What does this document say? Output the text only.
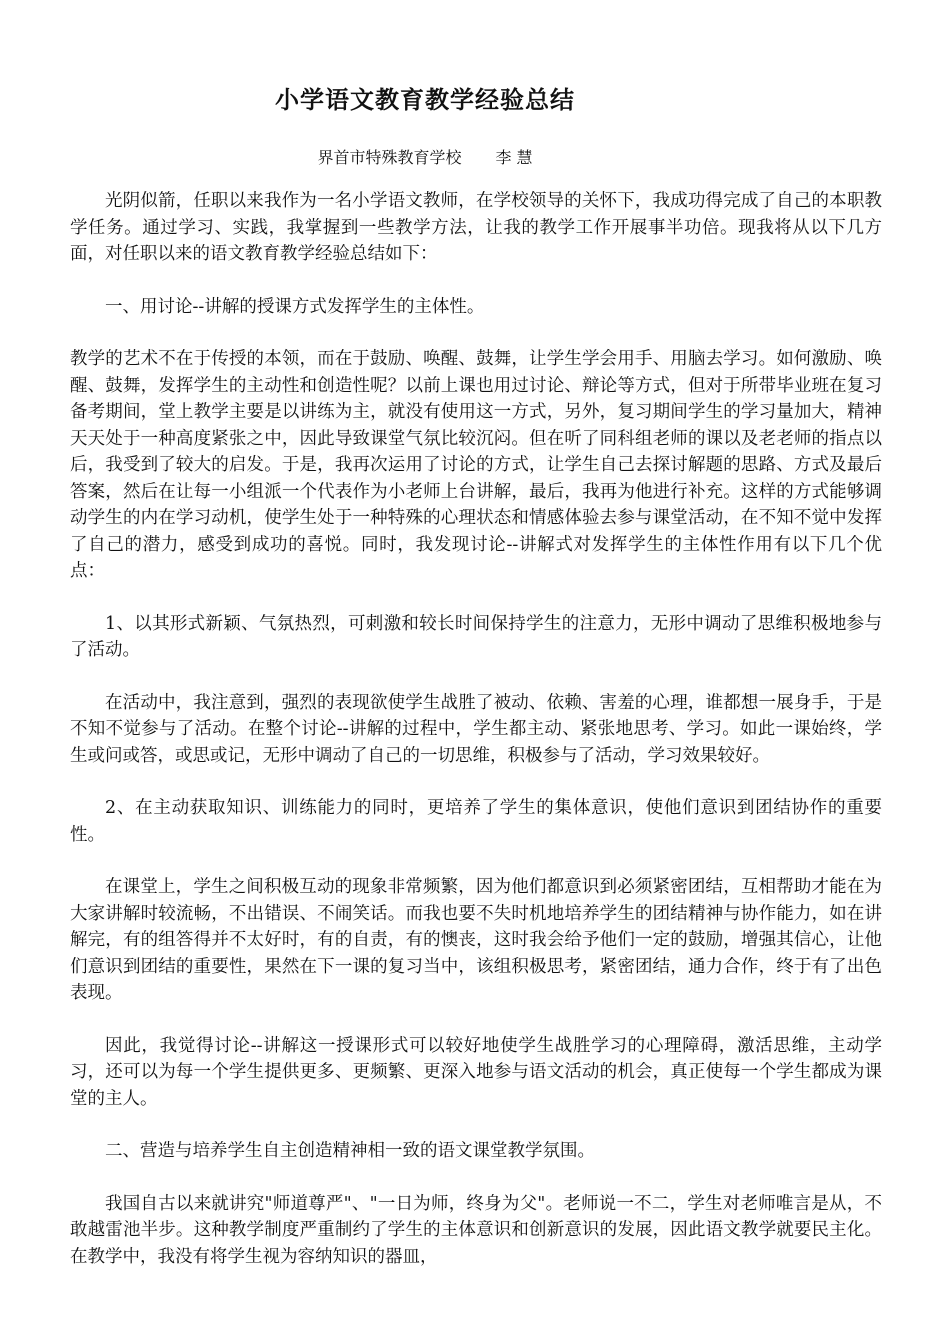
小学语文教育教学经验总结
界首市特殊教育学校 李 慧

光阴似箭，任职以来我作为一名小学语文教师，在学校领导的关怀下，我成功得完成了自己的本职教学任务。通过学习、实践，我掌握到一些教学方法，让我的教学工作开展事半功倍。现我将从以下几方面，对任职以来的语文教育教学经验总结如下：

一、用讨论--讲解的授课方式发挥学生的主体性。

教学的艺术不在于传授的本领，而在于鼓励、唤醒、鼓舞，让学生学会用手、用脑去学习。如何激励、唤醒、鼓舞，发挥学生的主动性和创造性呢？以前上课也用过讨论、辩论等方式，但对于所带毕业班在复习备考期间，堂上教学主要是以讲练为主，就没有使用这一方式，另外，复习期间学生的学习量加大，精神天天处于一种高度紧张之中，因此导致课堂气氛比较沉闷。但在听了同科组老师的课以及老老师的指点以后，我受到了较大的启发。于是，我再次运用了讨论的方式，让学生自己去探讨解题的思路、方式及最后答案，然后在让每一小组派一个代表作为小老师上台讲解，最后，我再为他进行补充。这样的方式能够调动学生的内在学习动机，使学生处于一种特殊的心理状态和情感体验去参与课堂活动，在不知不觉中发挥了自己的潜力，感受到成功的喜悦。同时，我发现讨论--讲解式对发挥学生的主体性作用有以下几个优点：

1、以其形式新颖、气氛热烈，可刺激和较长时间保持学生的注意力，无形中调动了思维积极地参与了活动。

在活动中，我注意到，强烈的表现欲使学生战胜了被动、依赖、害羞的心理，谁都想一展身手，于是不知不觉参与了活动。在整个讨论--讲解的过程中，学生都主动、紧张地思考、学习。如此一课始终，学生或问或答，或思或记，无形中调动了自己的一切思维，积极参与了活动，学习效果较好。

2、在主动获取知识、训练能力的同时，更培养了学生的集体意识，使他们意识到团结协作的重要性。

在课堂上，学生之间积极互动的现象非常频繁，因为他们都意识到必须紧密团结，互相帮助才能在为大家讲解时较流畅，不出错误、不闹笑话。而我也要不失时机地培养学生的团结精神与协作能力，如在讲解完，有的组答得并不太好时，有的自责，有的懊丧，这时我会给予他们一定的鼓励，增强其信心，让他们意识到团结的重要性，果然在下一课的复习当中，该组积极思考，紧密团结，通力合作，终于有了出色表现。

因此，我觉得讨论--讲解这一授课形式可以较好地使学生战胜学习的心理障碍，激活思维，主动学习，还可以为每一个学生提供更多、更频繁、更深入地参与语文活动的机会，真正使每一个学生都成为课堂的主人。

二、营造与培养学生自主创造精神相一致的语文课堂教学氛围。

我国自古以来就讲究"师道尊严"、"一日为师，终身为父"。老师说一不二，学生对老师唯言是从，不敢越雷池半步。这种教学制度严重制约了学生的主体意识和创新意识的发展，因此语文教学就要民主化。在教学中，我没有将学生视为容纳知识的器皿，
